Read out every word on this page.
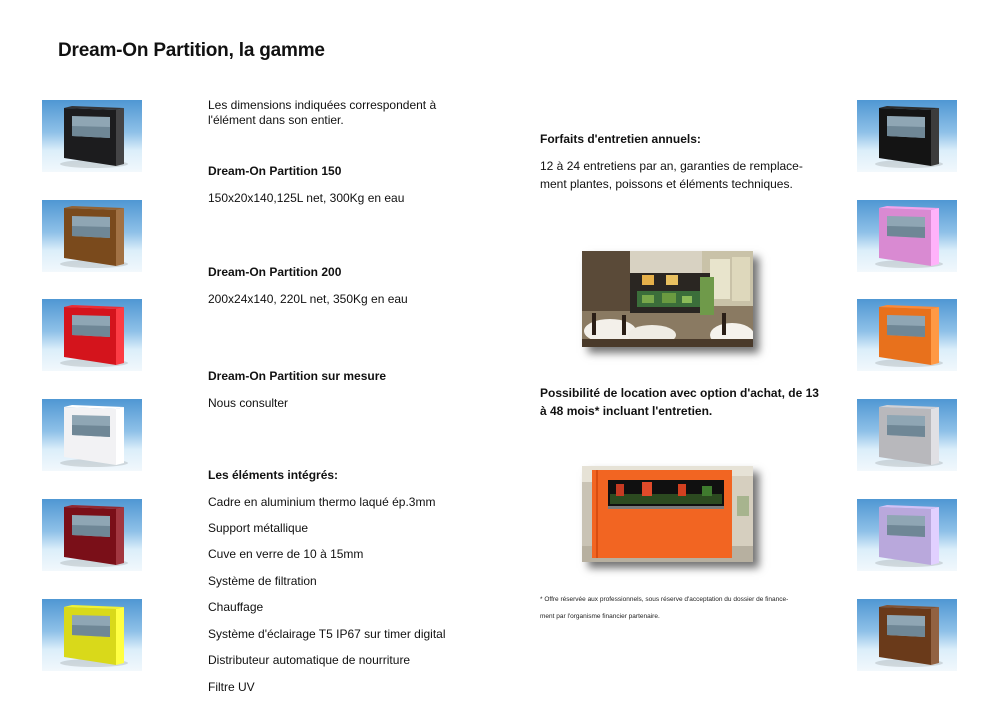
Dream-On Partition, la gamme
Les dimensions indiquées correspondent à l'élément dans son entier.
Dream-On Partition 150
150x20x140,125L net, 300Kg en eau
Dream-On Partition 200
200x24x140, 220L net, 350Kg en eau
Dream-On Partition sur mesure
Nous consulter
Les éléments intégrés:
Cadre en aluminium thermo laqué ép.3mm
Support métallique
Cuve en verre de 10 à 15mm
Système de filtration
Chauffage
Système d'éclairage T5 IP67 sur timer digital
Distributeur automatique de nourriture
Filtre UV
Forfaits d'entretien annuels:
12 à 24 entretiens par an, garanties de remplace-
ment plantes, poissons et éléments techniques.
Possibilité de location avec option d'achat, de 13
à 48 mois* incluant l'entretien.
* Offre réservée aux professionnels, sous réserve d'acceptation du dossier de finance-
ment par l'organisme financier partenaire.
